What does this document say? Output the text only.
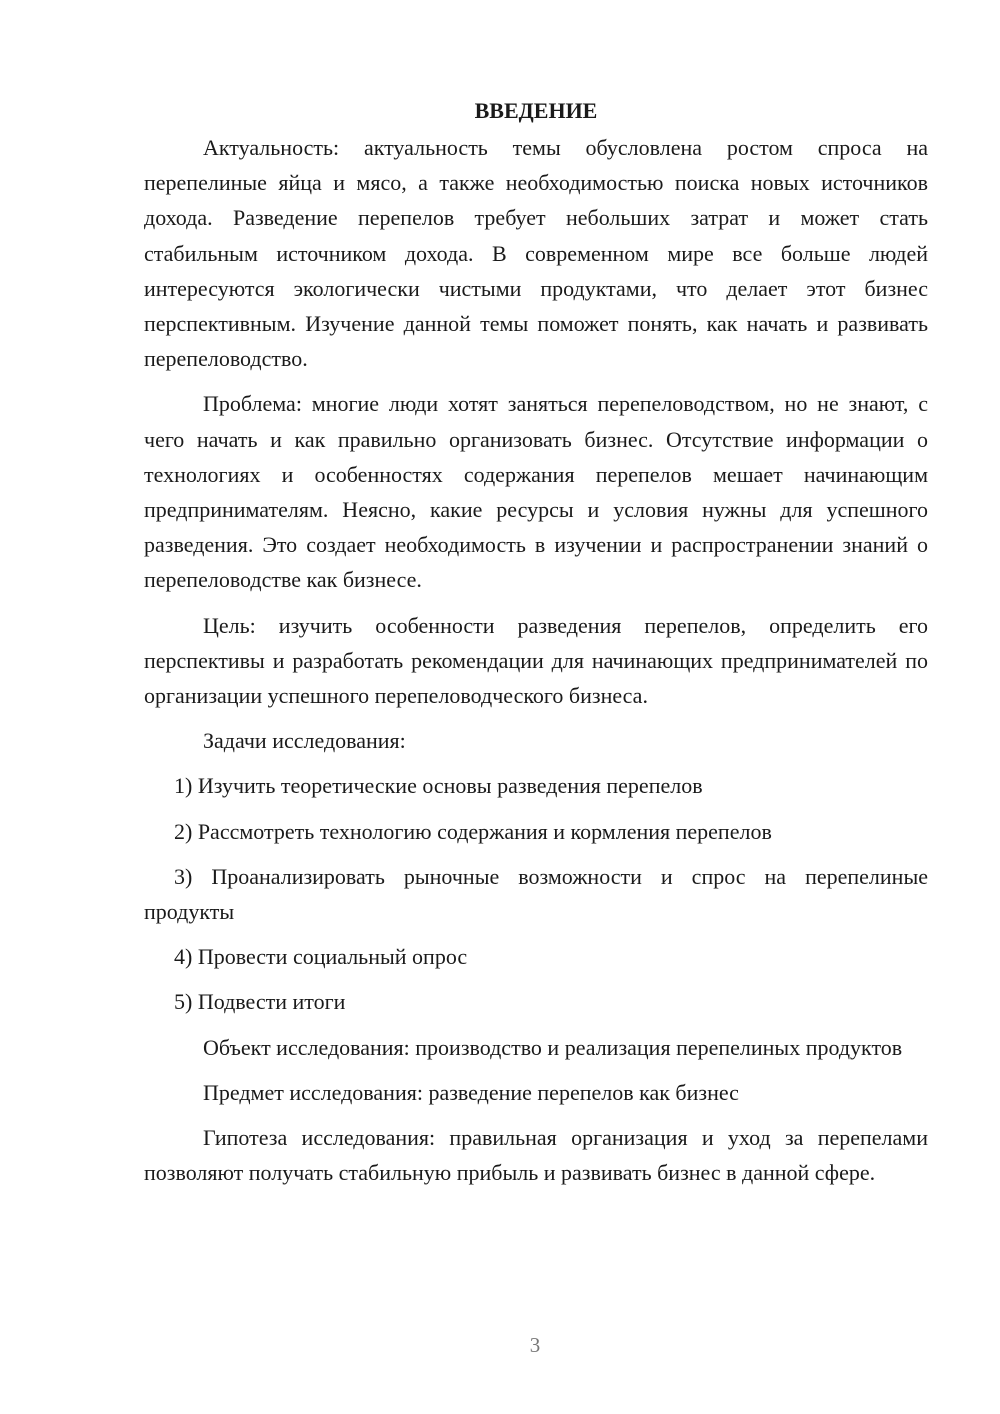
ВВЕДЕНИЕ

Актуальность: актуальность темы обусловлена ростом спроса на перепелиные яйца и мясо, а также необходимостью поиска новых источников дохода. Разведение перепелов требует небольших затрат и может стать стабильным источником дохода. В современном мире все больше людей интересуются экологически чистыми продуктами, что делает этот бизнес перспективным. Изучение данной темы поможет понять, как начать и развивать перепеловодство.

Проблема: многие люди хотят заняться перепеловодством, но не знают, с чего начать и как правильно организовать бизнес. Отсутствие информации о технологиях и особенностях содержания перепелов мешает начинающим предпринимателям. Неясно, какие ресурсы и условия нужны для успешного разведения. Это создает необходимость в изучении и распространении знаний о перепеловодстве как бизнесе.

Цель: изучить особенности разведения перепелов, определить его перспективы и разработать рекомендации для начинающих предпринимателей по организации успешного перепеловодческого бизнеса.

Задачи исследования:

1) Изучить теоретические основы разведения перепелов

2) Рассмотреть технологию содержания и кормления перепелов

3) Проанализировать рыночные возможности и спрос на перепелиные продукты

4) Провести социальный опрос

5) Подвести итоги

Объект исследования: производство и реализация перепелиных продуктов

Предмет исследования: разведение перепелов как бизнес

Гипотеза исследования: правильная организация и уход за перепелами позволяют получать стабильную прибыль и развивать бизнес в данной сфере.

3
